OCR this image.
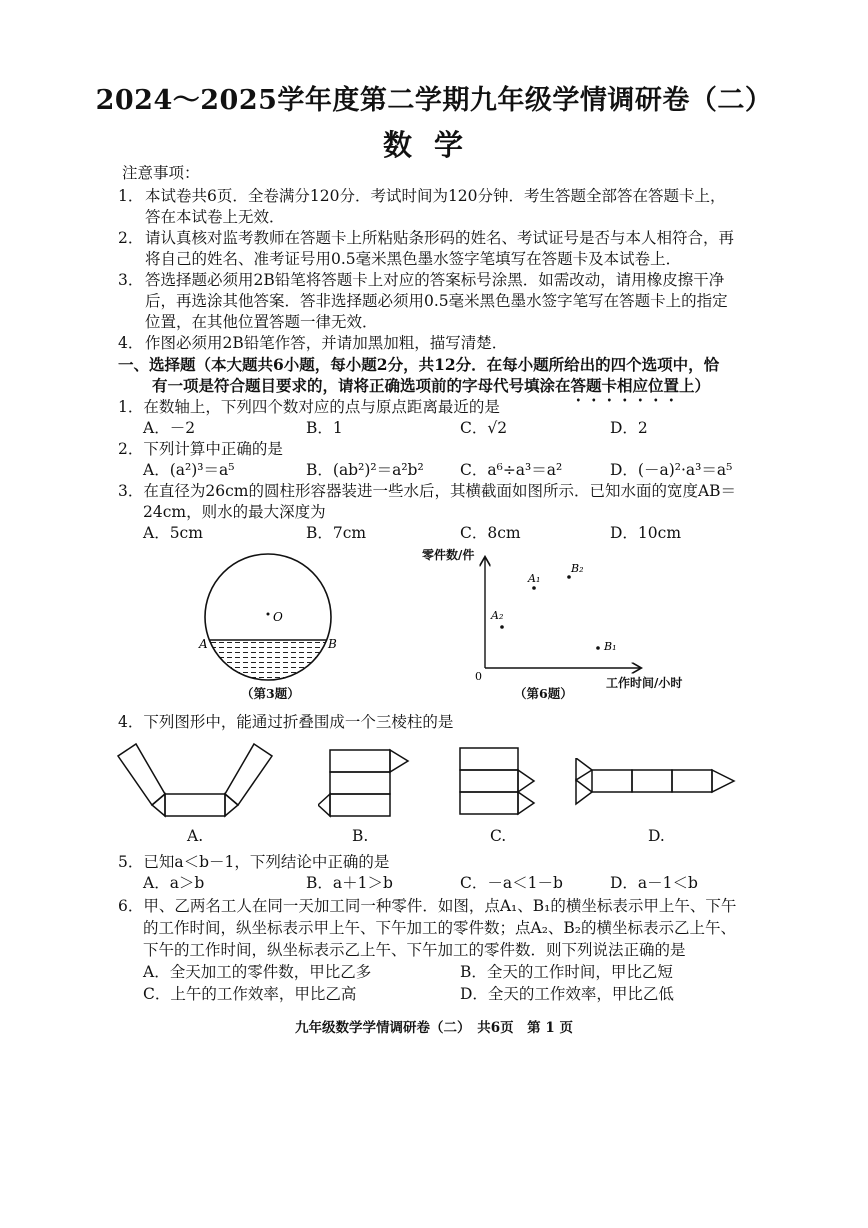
2024～2025学年度第二学期九年级学情调研卷（二）
数学
注意事项：
1． 本试卷共6页．全卷满分120分．考试时间为120分钟．考生答题全部答在答题卡上，
答在本试卷上无效．
2． 请认真核对监考教师在答题卡上所粘贴条形码的姓名、考试证号是否与本人相符合，再
将自己的姓名、准考证号用0.5毫米黑色墨水签字笔填写在答题卡及本试卷上．
3． 答选择题必须用2B铅笔将答题卡上对应的答案标号涂黑．如需改动，请用橡皮擦干净
后，再选涂其他答案．答非选择题必须用0.5毫米黑色墨水签字笔写在答题卡上的指定
位置，在其他位置答题一律无效．
4． 作图必须用2B铅笔作答，并请加黑加粗，描写清楚．
一、选择题（本大题共6小题，每小题2分，共12分．在每小题所给出的四个选项中，恰
有一项是符合题目要求的，请将正确选项前的字母代号填涂在答题卡相应位置上）
1．在数轴上，下列四个数对应的点与原点距离最近的是
A．－2	B．1	C．√2	D．2
2．下列计算中正确的是
A．(a²)³＝a⁵	B．(ab²)²＝a²b² C．a⁶÷a³＝a²	D．(－a)²·a³＝a⁵
3．在直径为26cm的圆柱形容器装进一些水后，其横截面如图所示．已知水面的宽度AB＝
24cm，则水的最大深度为
A．5cm	B．7cm	C．8cm	D．10cm
O
A	B
（第3题）
A₁
B₂
A₂
B₁
0
零件数/件
工作时间/小时
（第6题）
4．下列图形中，能通过折叠围成一个三棱柱的是
A.	B.	C.	D.
5．已知a＜b－1，下列结论中正确的是
A．a＞b	B．a＋1＞b	C．－a＜1－b	D．a－1＜b
6．甲、乙两名工人在同一天加工同一种零件．如图，点A₁、B₁的横坐标表示甲上午、下午
的工作时间，纵坐标表示甲上午、下午加工的零件数；点A₂、B₂的横坐标表示乙上午、
下午的工作时间，纵坐标表示乙上午、下午加工的零件数．则下列说法正确的是
A．全天加工的零件数，甲比乙多	B．全天的工作时间，甲比乙短
C．上午的工作效率，甲比乙高	D．全天的工作效率，甲比乙低
九年级数学学情调研卷（二）　共6页　第 1 页
